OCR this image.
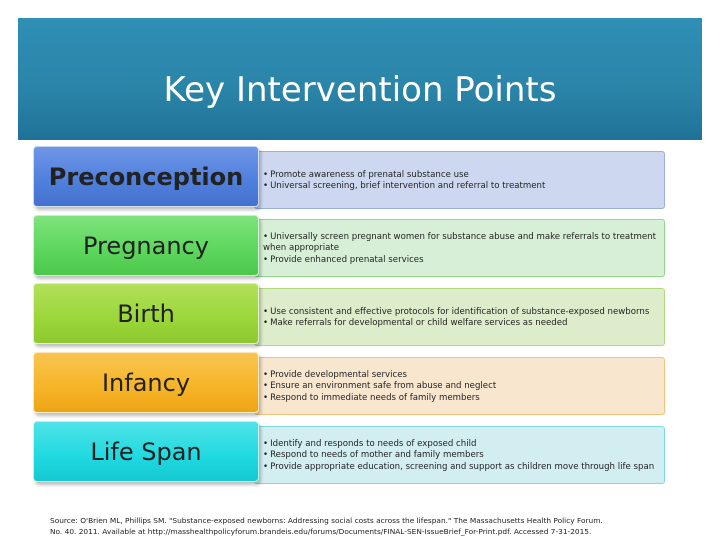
Key Intervention Points
• Promote awareness of prenatal substance use
• Universal screening, brief intervention and referral to treatment
Preconception
• Universally screen pregnant women for substance abuse and make referrals to treatment when appropriate
• Provide enhanced prenatal services
Pregnancy
• Use consistent and effective protocols for identification of substance-exposed newborns
• Make referrals for developmental or child welfare services as needed
Birth
• Provide developmental services
• Ensure an environment safe from abuse and neglect
• Respond to immediate needs of family members
Infancy
• Identify and responds to needs of exposed child
• Respond to needs of mother and family members
• Provide appropriate education, screening and support as children move through life span
Life Span
Source: O'Brien ML, Phillips SM. "Substance-exposed newborns: Addressing social costs across the lifespan." The Massachusetts Health Policy Forum.
No. 40. 2011. Available at http://masshealthpolicyforum.brandeis.edu/forums/Documents/FINAL-SEN-IssueBrief_For-Print.pdf. Accessed 7-31-2015.
